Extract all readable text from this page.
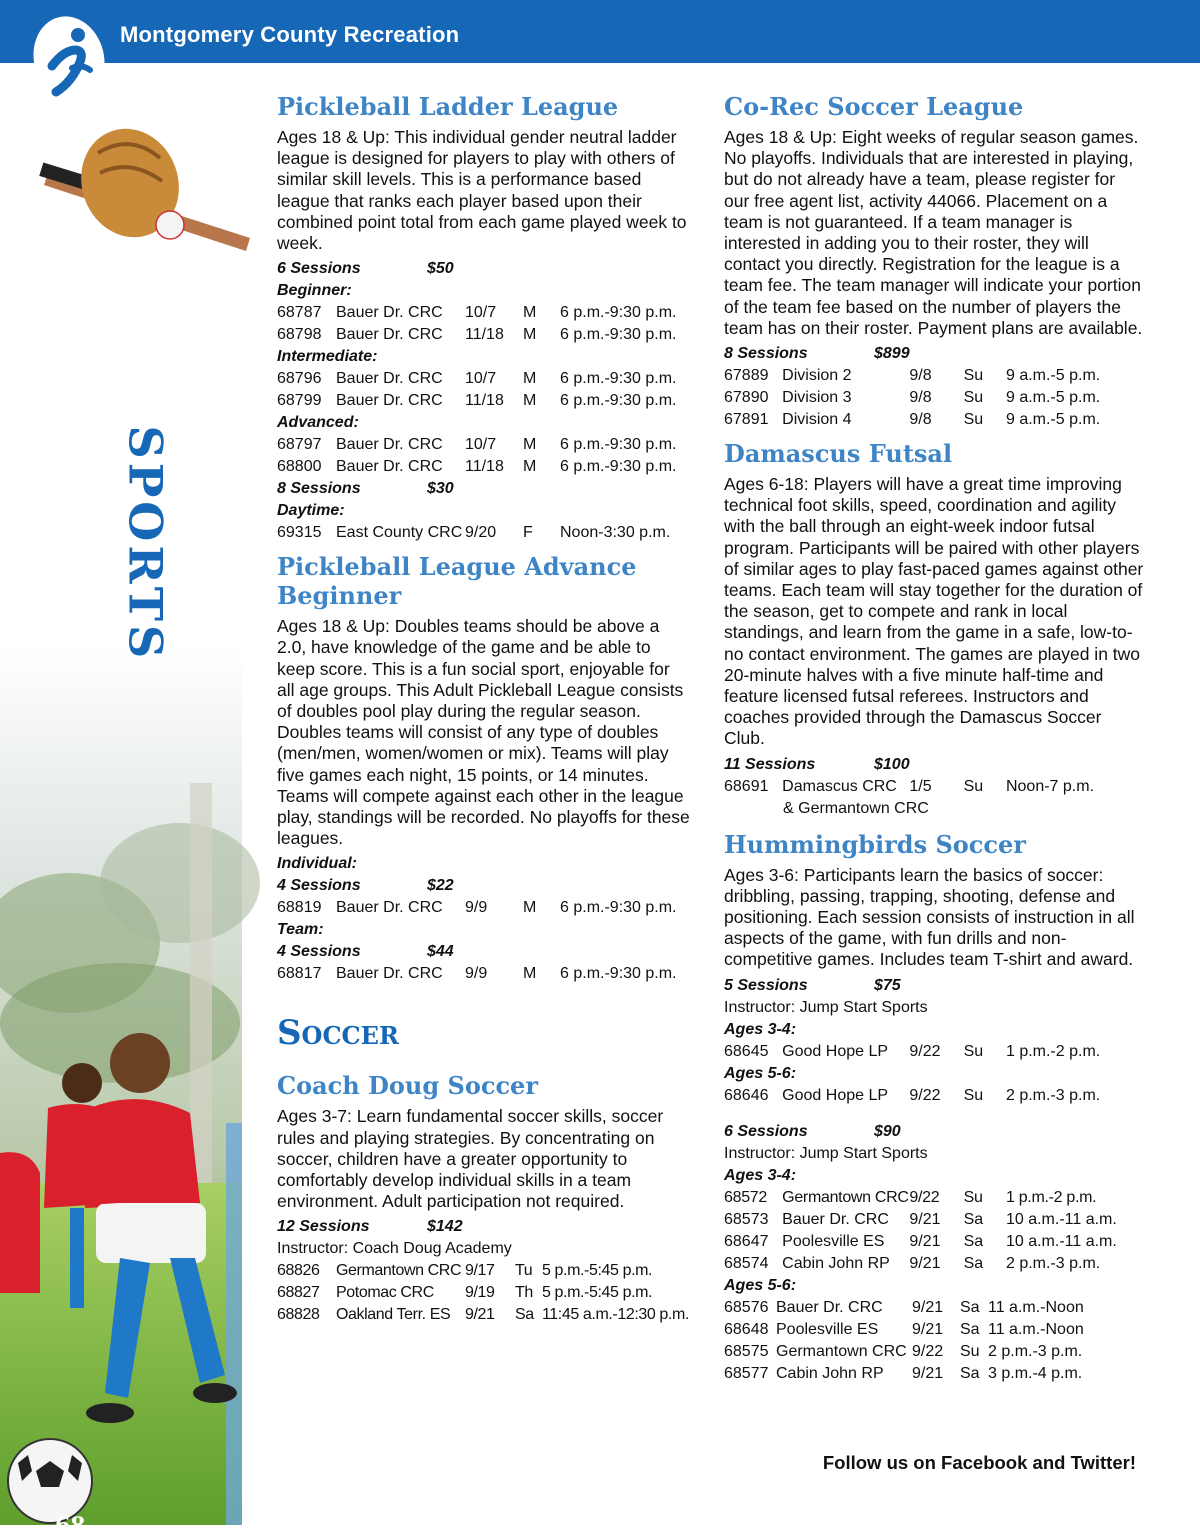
Montgomery County Recreation
SPORTS
68
Pickleball Ladder League

Ages 18 & Up: This individual gender neutral ladder league is designed for players to play with others of similar skill levels. This is a performance based league that ranks each player based upon their combined point total from each game played week to week.

6 Sessions	$50
Beginner:
68787 Bauer Dr. CRC	10/7	M	6 p.m.-9:30 p.m.
68798 Bauer Dr. CRC	11/18	M	6 p.m.-9:30 p.m.
Intermediate:
68796 Bauer Dr. CRC	10/7	M	6 p.m.-9:30 p.m.
68799 Bauer Dr. CRC	11/18	M	6 p.m.-9:30 p.m.
Advanced:
68797 Bauer Dr. CRC	10/7	M	6 p.m.-9:30 p.m.
68800 Bauer Dr. CRC	11/18	M	6 p.m.-9:30 p.m.
8 Sessions	$30
Daytime:
69315 East County CRC 9/20	F	Noon-3:30 p.m.
Pickleball League Advance Beginner

Ages 18 & Up: Doubles teams should be above a 2.0, have knowledge of the game and be able to keep score. This is a fun social sport, enjoyable for all age groups. This Adult Pickleball League consists of doubles pool play during the regular season. Doubles teams will consist of any type of doubles (men/men, women/women or mix). Teams will play five games each night, 15 points, or 14 minutes. Teams will compete against each other in the league play, standings will be recorded. No playoffs for these leagues.

Individual:
4 Sessions	$22
68819 Bauer Dr. CRC	9/9	M	6 p.m.-9:30 p.m.
Team:
4 Sessions	$44
68817 Bauer Dr. CRC	9/9	M	6 p.m.-9:30 p.m.
Soccer
Coach Doug Soccer

Ages 3-7: Learn fundamental soccer skills, soccer rules and playing strategies. By concentrating on soccer, children have a greater opportunity to comfortably develop individual skills in a team environment. Adult participation not required.

12 Sessions	$142
Instructor: Coach Doug Academy
68826	Germantown CRC 9/17	Tu 5 p.m.-5:45 p.m.
68827	Potomac CRC	9/19	Th 5 p.m.-5:45 p.m.
68828	Oakland Terr. ES 9/21	Sa 11:45 a.m.-12:30 p.m.
Co-Rec Soccer League

Ages 18 & Up: Eight weeks of regular season games. No playoffs. Individuals that are interested in playing, but do not already have a team, please register for our free agent list, activity 44066. Placement on a team is not guaranteed. If a team manager is interested in adding you to their roster, they will contact you directly. Registration for the league is a team fee. The team manager will indicate your portion of the team fee based on the number of players the team has on their roster. Payment plans are available.

8 Sessions	$899
67889 Division 2	9/8	Su	9 a.m.-5 p.m.
67890 Division 3	9/8	Su	9 a.m.-5 p.m.
67891 Division 4	9/8	Su	9 a.m.-5 p.m.
Damascus Futsal

Ages 6-18: Players will have a great time improving technical foot skills, speed, coordination and agility with the ball through an eight-week indoor futsal program. Participants will be paired with other players of similar ages to play fast-paced games against other teams. Each team will stay together for the duration of the season, get to compete and rank in local standings, and learn from the game in a safe, low-to-no contact environment. The games are played in two 20-minute halves with a five minute half-time and feature licensed futsal referees. Instructors and coaches provided through the Damascus Soccer Club.

11 Sessions	$100
68691 Damascus CRC 1/5	Su	Noon-7 p.m.
& Germantown CRC
Hummingbirds Soccer

Ages 3-6: Participants learn the basics of soccer: dribbling, passing, trapping, shooting, defense and positioning. Each session consists of instruction in all aspects of the game, with fun drills and non-competitive games. Includes team T-shirt and award.

5 Sessions	$75
Instructor: Jump Start Sports
Ages 3-4:
68645 Good Hope LP	9/22	Su	1 p.m.-2 p.m.
Ages 5-6:
68646 Good Hope LP	9/22	Su	2 p.m.-3 p.m.
6 Sessions	$90
Instructor: Jump Start Sports
Ages 3-4:
68572 Germantown CRC 9/22	Su	1 p.m.-2 p.m.
68573 Bauer Dr. CRC	9/21	Sa	10 a.m.-11 a.m.
68647 Poolesville ES	9/21	Sa	10 a.m.-11 a.m.
68574 Cabin John RP	9/21	Sa	2 p.m.-3 p.m.
Ages 5-6:
68576 Bauer Dr. CRC	9/21	Sa 11 a.m.-Noon
68648 Poolesville ES	9/21	Sa 11 a.m.-Noon
68575 Germantown CRC 9/22	Su 2 p.m.-3 p.m.
68577 Cabin John RP	9/21	Sa 3 p.m.-4 p.m.
Follow us on Facebook and Twitter!
